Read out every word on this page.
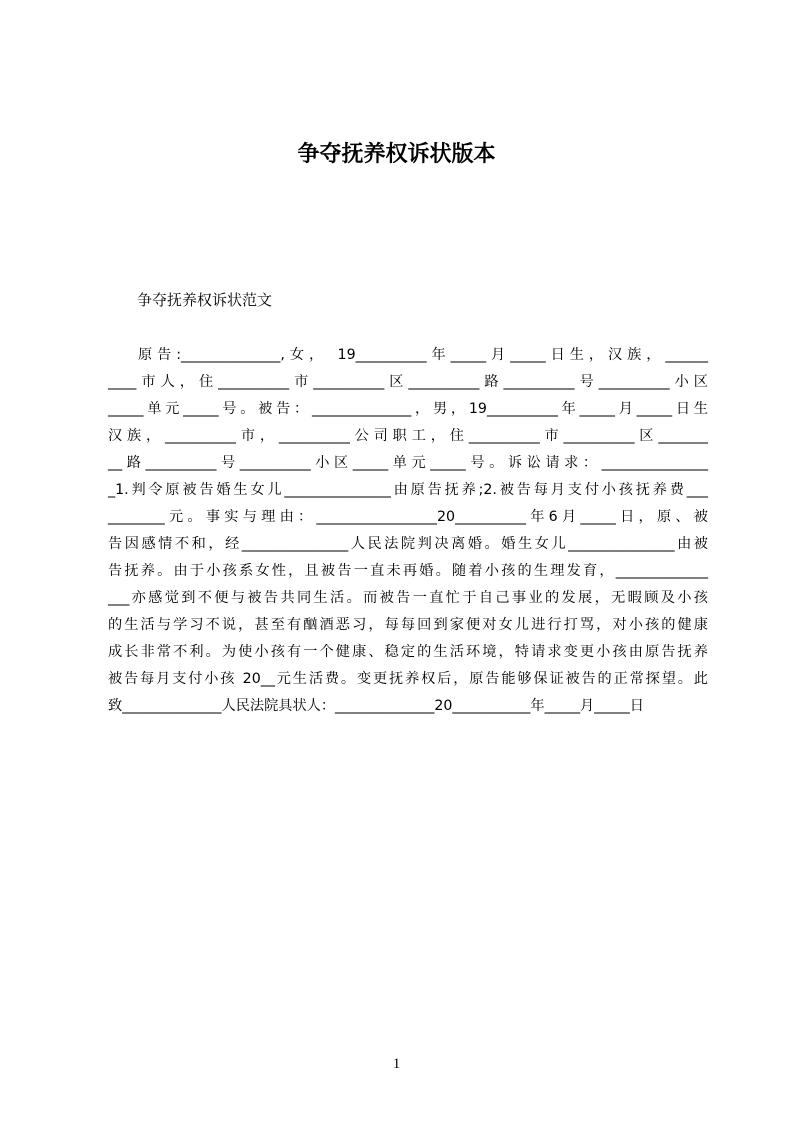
争夺抚养权诉状版本
争夺抚养权诉状范文
原告:______________,女， 19__________年_____月_____日生，汉族，______
____市人，住__________市__________区__________路__________号__________小区
_____单元_____号。被告：______________，男，19__________年_____月_____日生
汉族，__________市，__________公司职工，住__________市__________区_______
__路__________号__________小区_____单元_____号。诉讼请求：_______________
_1.判令原被告婚生女儿_______________由原告抚养;2.被告每月支付小孩抚养费___
________元。事实与理由：_________________20__________年6月_____日，原、被
告因感情不和，经_______________人民法院判决离婚。婚生女儿_______________由被
告抚养。由于小孩系女性，且被告一直未再婚。随着小孩的生理发育，_____________
___亦感觉到不便与被告共同生活。而被告一直忙于自己事业的发展，无暇顾及小孩
的生活与学习不说，甚至有酗酒恶习，每每回到家便对女儿进行打骂，对小孩的健康
成长非常不利。为使小孩有一个健康、稳定的生活环境，特请求变更小孩由原告抚养
被告每月支付小孩 20__元生活费。变更抚养权后，原告能够保证被告的正常探望。此
致______________人民法院具状人：______________20___________年_____月_____日
1
